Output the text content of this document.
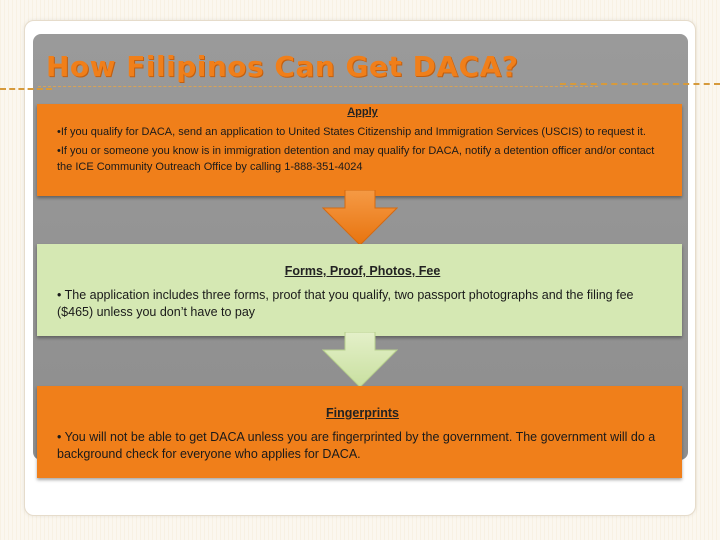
How Filipinos Can Get DACA?
Apply
•If you qualify for DACA, send an application to United States Citizenship and Immigration Services (USCIS) to request it.
•If you or someone you know is in immigration detention and may qualify for DACA, notify a detention officer and/or contact the ICE Community Outreach Office by calling 1-888-351-4024
Forms, Proof, Photos, Fee
• The application includes three forms, proof that you qualify, two passport photographs and the filing fee ($465) unless you don’t have to pay
Fingerprints
• You will not be able to get DACA unless you are fingerprinted by the government. The government will do a background check for everyone who applies for DACA.
